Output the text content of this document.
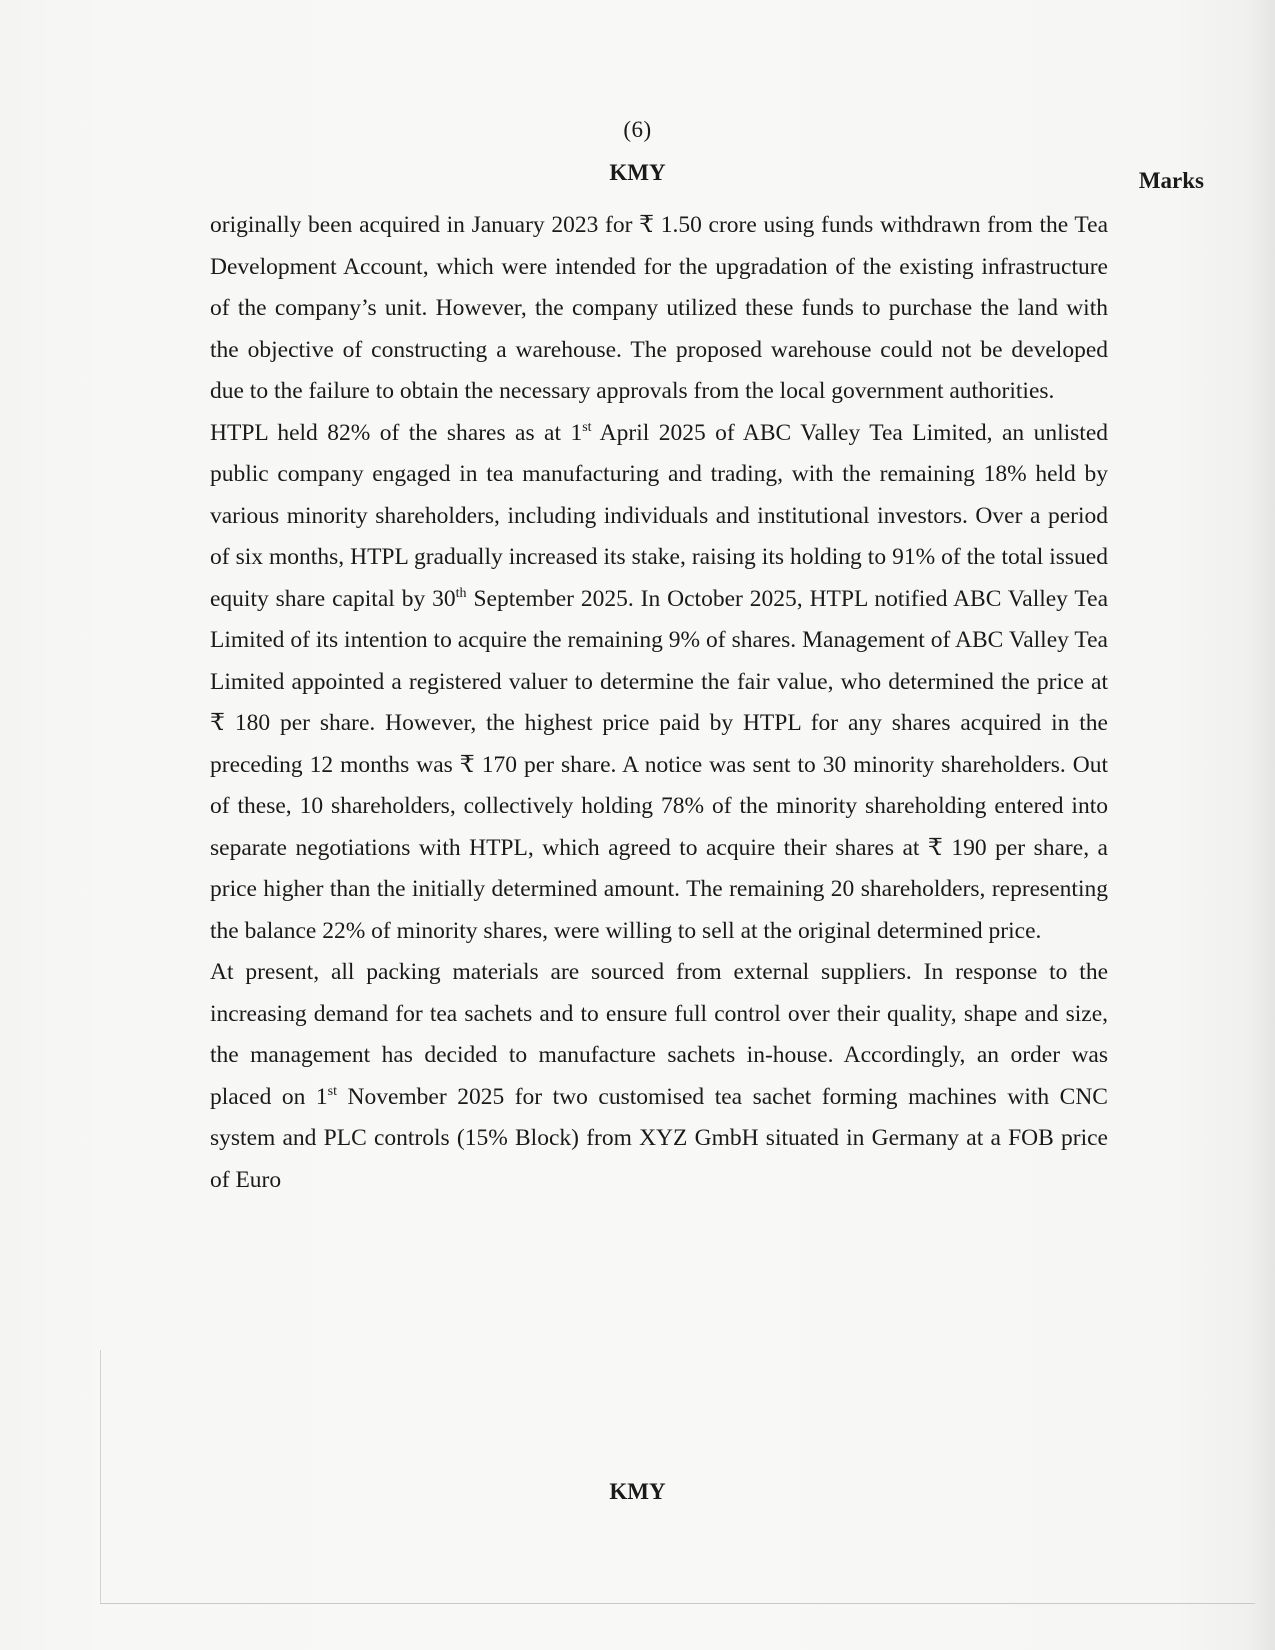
(6)
KMY	Marks

originally been acquired in January 2023 for ₹ 1.50 crore using funds withdrawn from the Tea Development Account, which were intended for the upgradation of the existing infrastructure of the company’s unit. However, the company utilized these funds to purchase the land with the objective of constructing a warehouse. The proposed warehouse could not be developed due to the failure to obtain the necessary approvals from the local government authorities.

HTPL held 82% of the shares as at 1st April 2025 of ABC Valley Tea Limited, an unlisted public company engaged in tea manufacturing and trading, with the remaining 18% held by various minority shareholders, including individuals and institutional investors. Over a period of six months, HTPL gradually increased its stake, raising its holding to 91% of the total issued equity share capital by 30th September 2025. In October 2025, HTPL notified ABC Valley Tea Limited of its intention to acquire the remaining 9% of shares. Management of ABC Valley Tea Limited appointed a registered valuer to determine the fair value, who determined the price at ₹ 180 per share. However, the highest price paid by HTPL for any shares acquired in the preceding 12 months was ₹ 170 per share. A notice was sent to 30 minority shareholders. Out of these, 10 shareholders, collectively holding 78% of the minority shareholding entered into separate negotiations with HTPL, which agreed to acquire their shares at ₹ 190 per share, a price higher than the initially determined amount. The remaining 20 shareholders, representing the balance 22% of minority shares, were willing to sell at the original determined price.

At present, all packing materials are sourced from external suppliers. In response to the increasing demand for tea sachets and to ensure full control over their quality, shape and size, the management has decided to manufacture sachets in-house. Accordingly, an order was placed on 1st November 2025 for two customised tea sachet forming machines with CNC system and PLC controls (15% Block) from XYZ GmbH situated in Germany at a FOB price of Euro

KMY
